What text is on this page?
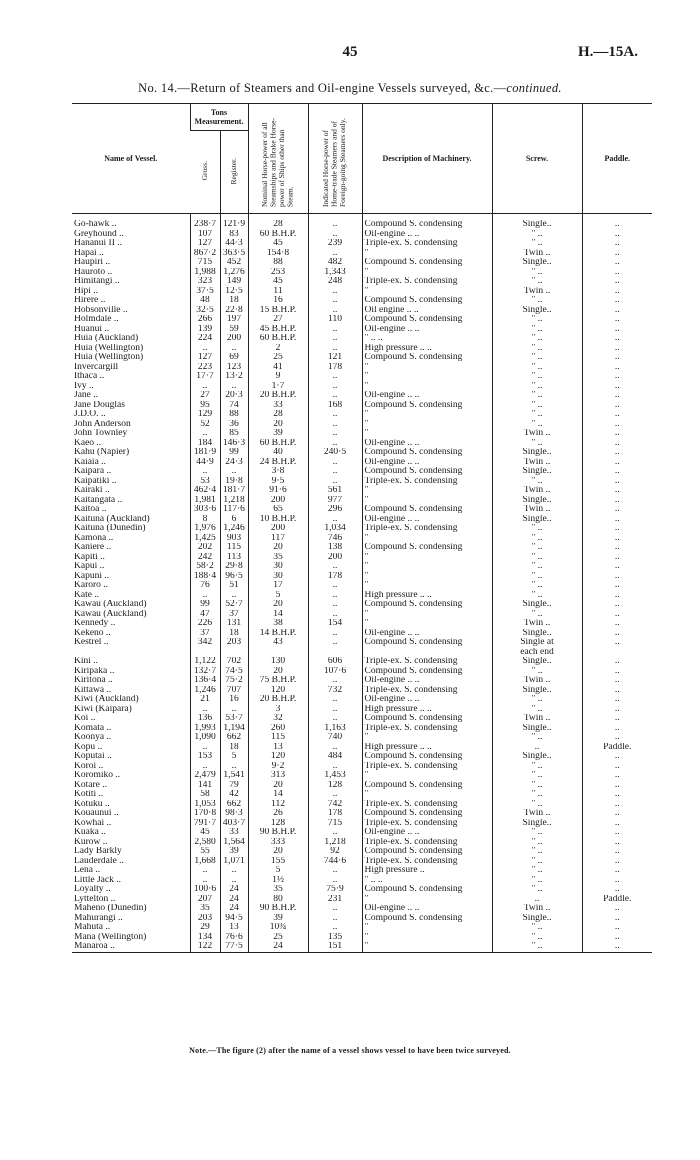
45	H.—15A.
No. 14.—Return of Steamers and Oil-engine Vessels surveyed, &c.—continued.
Name of Vessel.	Tons Measurement.		Nominal Horse-power of all Steamships and Brake Horse-power of Ships other than Steam.	Indicated Horse-power of Home-trade Steamers and of Foreign-going Steamers only.	Description of Machinery.	Screw.	Paddle.
	Gross.	Register.					

Go-hawk ..	238·7	121·9	28	..	Compound S. condensing	Single..	..
Greyhound ..	107	83	60 B.H.P.	..	Oil-engine .. ..	" ..	..
Hananui II ..	127	44·3	45	239	Triple-ex. S. condensing	" ..	..
Hapai ..	867·2	363·5	154·8	..	"	Twin ..	..
Haupiri ..	715	452	88	482	Compound S. condensing	Single..	..
Hauroto ..	1,988	1,276	253	1,343	"	" ..	..
Himitangi ..	323	149	45	248	Triple-ex. S. condensing	" ..	..
Hipi ..	37·5	12·5	11	..	"	Twin ..	..
Hirere ..	48	18	16	..	Compound S. condensing	" ..	..
Hobsonville ..	32·5	22·8	15 B.H.P.	..	Oil engine .. ..	Single..	..
Holmdale ..	266	197	27	110	Compound S. condensing	" ..	..
Huanui ..	139	59	45 B.H.P.	..	Oil-engine .. ..	" ..	..
Huia (Auckland)	224	200	60 B.H.P.	..	" .. ..	" ..	..
Huia (Wellington)	..	..	2	..	High pressure .. ..	" ..	..
Huia (Wellington)	127	69	25	121	Compound S. condensing	" ..	..
Invercargill	223	123	41	178	"	" ..	..
Ithaca ..	17·7	13·2	9	..	"	" ..	..
Ivy ..	..	..	1·7	..	"	" ..	..
Jane ..	27	20·3	20 B.H.P.	..	Oil-engine .. ..	" ..	..
Jane Douglas	95	74	33	168	Compound S. condensing	" ..	..
J.D.O. ..	129	88	28	..	"	" ..	..
John Anderson	52	36	20	..	"	" ..	..
John Townley	..	85	39	..	"	Twin ..	..
Kaeo ..	184	146·3	60 B.H.P.	..	Oil-engine .. ..	" ..	..
Kahu (Napier)	181·9	99	40	240·5	Compound S. condensing	Single..	..
Kaiaia ..	44·9	24·3	24 B.H.P.	..	Oil-engine .. ..	Twin ..	..
Kaipara ..	..	..	3·8	..	Compound S. condensing	Single..	..
Kaipatiki ..	53	19·8	9·5	..	Triple-ex. S. condensing	" ..	..
Kairaki ..	462·4	181·7	91·6	561	"	Twin ..	..
Kaitangata ..	1,981	1,218	200	977	"	Single..	..
Kaitoa ..	303·6	117·6	65	296	Compound S. condensing	Twin ..	..
Kaituna (Auckland)	8	6	10 B.H.P.	..	Oil-engine .. ..	Single..	..
Kaituna (Dunedin)	1,976	1,246	200	1,034	Triple-ex. S. condensing	" ..	..
Kamona ..	1,425	903	117	746	"	" ..	..
Kaniere ..	202	115	20	138	Compound S. condensing	" ..	..
Kapiti ..	242	113	35	200	"	" ..	..
Kapui ..	58·2	29·8	30	..	"	" ..	..
Kapuni ..	188·4	96·5	30	178	"	" ..	..
Karoro ..	76	51	17	..	"	" ..	..
Kate ..	..	..	5	..	High pressure .. ..	" ..	..
Kawau (Auckland)	99	52·7	20	..	Compound S. condensing	Single..	..
Kawau (Auckland)	47	37	14	..	"	" ..	..
Kennedy ..	226	131	38	154	"	Twin ..	..
Kekeno ..	37	18	14 B.H.P.	..	Oil-engine .. ..	Single..	..
Kestrel ..	342	203	43	..	Compound S. condensing	Single at	..
						each end	
Kini ..	1,122	702	130	606	Triple-ex. S. condensing	Single..	..
Kiripaka ..	132·7	74·5	20	107·6	Compound S. condensing	" ..	..
Kiritona ..	136·4	75·2	75 B.H.P.	..	Oil-engine .. ..	Twin ..	..
Kittawa ..	1,246	707	120	732	Triple-ex. S. condensing	Single..	..
Kiwi (Auckland)	21	16	20 B.H.P.	..	Oil-engine .. ..	" ..	..
Kiwi (Kaipara)	..	..	3	..	High pressure .. ..	" ..	..
Koi ..	136	53·7	32	..	Compound S. condensing	Twin ..	..
Komata ..	1,993	1,194	260	1,163	Triple-ex. S. condensing	Single..	..
Koonya ..	1,090	662	115	740	"	" ..	..
Kopu ..	..	18	13	..	High pressure .. ..	..	Paddle.
Koputai ..	153	5	120	484	Compound S. condensing	Single..	..
Koroi ..	..	..	9·2	..	Triple-ex. S. condensing	" ..	..
Koromiko ..	2,479	1,541	313	1,453	"	" ..	..
Kotare ..	141	79	20	128	Compound S. condensing	" ..	..
Kotiti ..	58	42	14	..	"	" ..	..
Kotuku ..	1,053	662	112	742	Triple-ex. S. condensing	" ..	..
Kouaunui ..	170·8	98·3	26	178	Compound S. condensing	Twin ..	..
Kowhai ..	791·7	403·7	128	715	Triple-ex. S. condensing	Single..	..
Kuaka ..	45	33	90 B.H.P.	..	Oil-engine .. ..	" ..	..
Kurow ..	2,580	1,564	333	1,218	Triple-ex. S. condensing	" ..	..
Lady Barkly	55	39	20	92	Compound S. condensing	" ..	..
Lauderdale ..	1,668	1,071	155	744·6	Triple-ex. S. condensing	" ..	..
Lena ..	..	..	5	..	High pressure ..	" ..	..
Little Jack ..	..	..	1½	..	" .. ..	" ..	..
Loyalty ..	100·6	24	35	75·9	Compound S. condensing	" ..	..
Lyttelton ..	207	24	80	231	"	..	Paddle.
Maheno (Dunedin)	35	24	90 B.H.P.	..	Oil-engine .. ..	Twin ..	..
Mahurangi ..	203	94·5	39	..	Compound S. condensing	Single..	..
Mahuta ..	29	13	10¾	..	"	" ..	..
Mana (Wellington)	134	76·6	25	135	"	" ..	..
Manaroa ..	122	77·5	24	151	"	" ..	..
Note.—The figure (2) after the name of a vessel shows vessel to have been twice surveyed.
